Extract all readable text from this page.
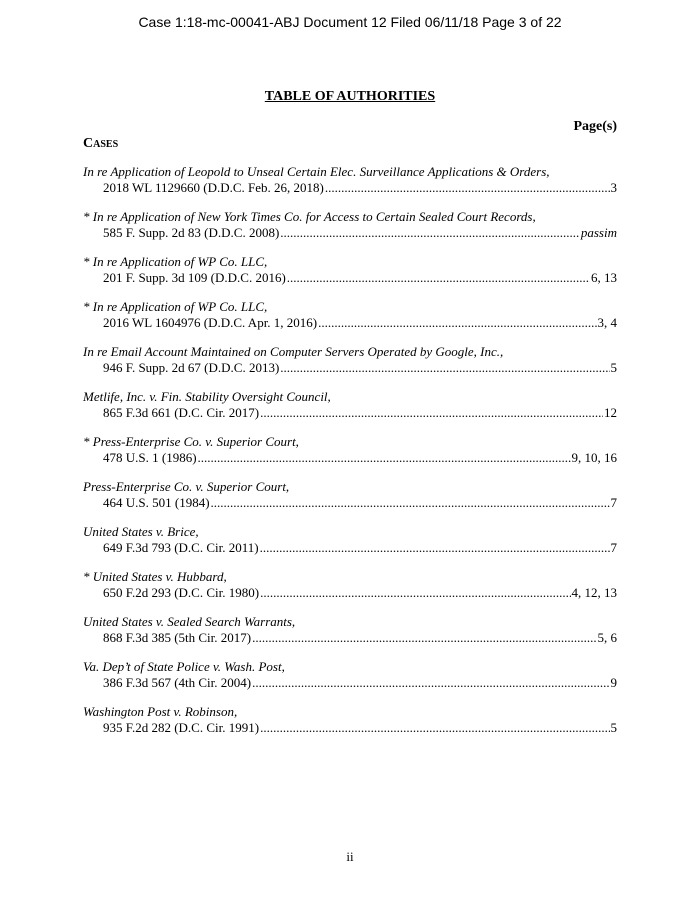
Case 1:18-mc-00041-ABJ Document 12 Filed 06/11/18 Page 3 of 22
TABLE OF AUTHORITIES
Page(s)
Cases
In re Application of Leopold to Unseal Certain Elec. Surveillance Applications & Orders,
2018 WL 1129660 (D.D.C. Feb. 26, 2018) .....	3
* In re Application of New York Times Co. for Access to Certain Sealed Court Records,
585 F. Supp. 2d 83 (D.D.C. 2008) .....	passim
* In re Application of WP Co. LLC,
201 F. Supp. 3d 109 (D.D.C. 2016) .....	6, 13
* In re Application of WP Co. LLC,
2016 WL 1604976 (D.D.C. Apr. 1, 2016) .....	3, 4
In re Email Account Maintained on Computer Servers Operated by Google, Inc.,
946 F. Supp. 2d 67 (D.D.C. 2013) .....	5
Metlife, Inc. v. Fin. Stability Oversight Council,
865 F.3d 661 (D.C. Cir. 2017) .....	12
* Press-Enterprise Co. v. Superior Court,
478 U.S. 1 (1986) .....	9, 10, 16
Press-Enterprise Co. v. Superior Court,
464 U.S. 501 (1984) .....	7
United States v. Brice,
649 F.3d 793 (D.C. Cir. 2011) .....	7
* United States v. Hubbard,
650 F.2d 293 (D.C. Cir. 1980) .....	4, 12, 13
United States v. Sealed Search Warrants,
868 F.3d 385 (5th Cir. 2017) .....	5, 6
Va. Dep’t of State Police v. Wash. Post,
386 F.3d 567 (4th Cir. 2004) .....	9
Washington Post v. Robinson,
935 F.2d 282 (D.C. Cir. 1991) .....	5
ii
